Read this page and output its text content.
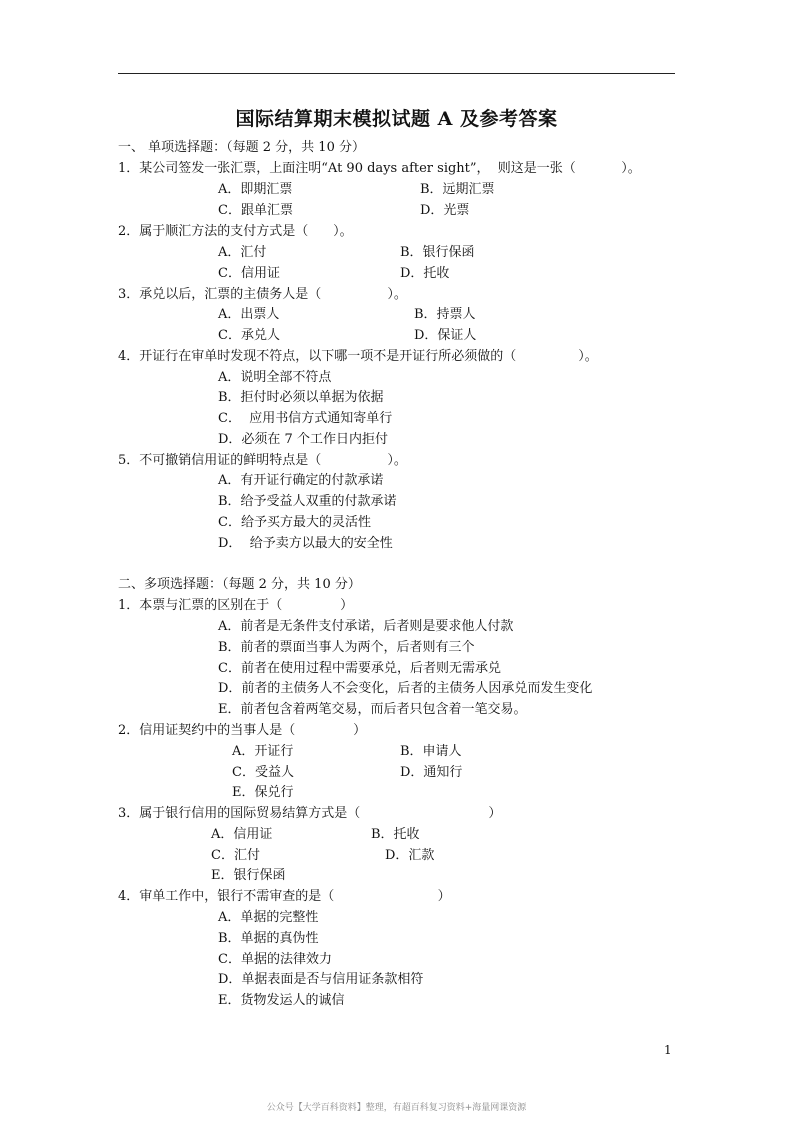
国际结算期末模拟试题 A 及参考答案
一、 单项选择题：（每题 2 分，共 10 分）
1．某公司签发一张汇票，上面注明“At 90 days after sight”，  则这是一张（           ）。
A．即期汇票	B．远期汇票
C．跟单汇票	D．光票
2．属于顺汇方法的支付方式是（      ）。
A．汇付	B．银行保函
C．信用证	D．托收
3．承兑以后，汇票的主债务人是（                ）。
A．出票人	B．持票人
C．承兑人	D．保证人
4．开证行在审单时发现不符点，以下哪一项不是开证行所必须做的（               ）。
A．说明全部不符点
B．拒付时必须以单据为依据
C．  应用书信方式通知寄单行
D．必须在 7 个工作日内拒付
5．不可撤销信用证的鲜明特点是（                ）。
A．有开证行确定的付款承诺
B．给予受益人双重的付款承诺
C．给予买方最大的灵活性
D．  给予卖方以最大的安全性
二、多项选择题：（每题 2 分，共 10 分）
1．本票与汇票的区别在于（              ）
A．前者是无条件支付承诺，后者则是要求他人付款
B．前者的票面当事人为两个，后者则有三个
C．前者在使用过程中需要承兑，后者则无需承兑
D．前者的主债务人不会变化，后者的主债务人因承兑而发生变化
E．前者包含着两笔交易，而后者只包含着一笔交易。
2．信用证契约中的当事人是（              ）
A．开证行	B．申请人
C．受益人	D．通知行
E．保兑行
3．属于银行信用的国际贸易结算方式是（                               ）
A．信用证	B．托收
C．汇付	D．汇款
E．银行保函
4．审单工作中，银行不需审查的是（                         ）
A．单据的完整性
B．单据的真伪性
C．单据的法律效力
D．单据表面是否与信用证条款相符
E．货物发运人的诚信
1
公众号【大学百科资料】整理，有超百科复习资料+海量网课资源
